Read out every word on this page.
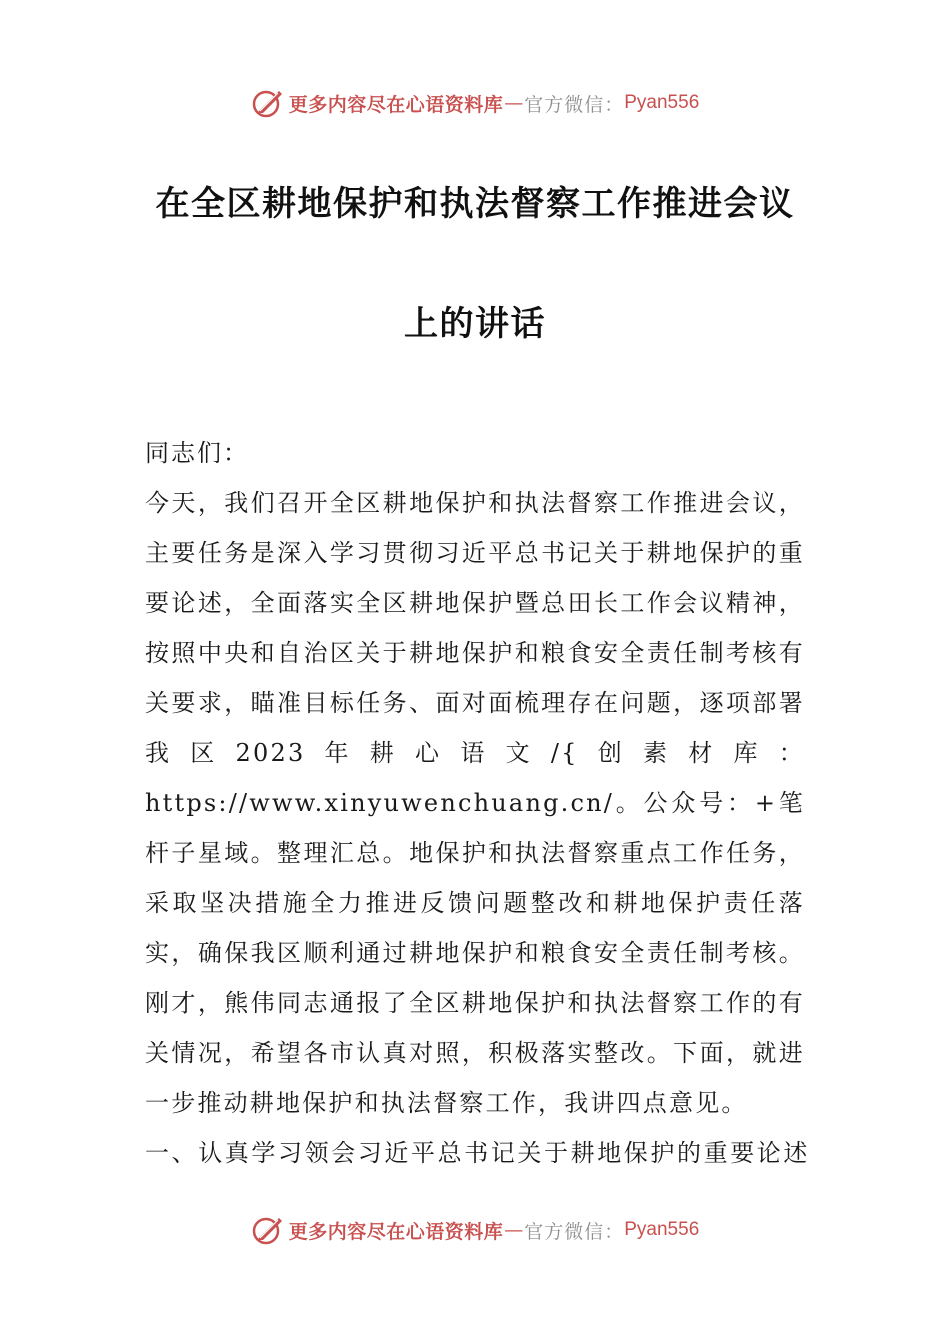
更多内容尽在心语资料库 — 官方微信： Pyan556
在全区耕地保护和执法督察工作推进会议
上的讲话

同志们：

今天，我们召开全区耕地保护和执法督察工作推进会议，主要任务是深入学习贯彻习近平总书记关于耕地保护的重要论述，全面落实全区耕地保护暨总田长工作会议精神，按照中央和自治区关于耕地保护和粮食安全责任制考核有关要求，瞄准目标任务、面对面梳理存在问题，逐项部署我区2023年耕心语文/{创素材库：https://www.xinyuwenchuang.cn/。公众号：+笔杆子星域。整理汇总。地保护和执法督察重点工作任务，采取坚决措施全力推进反馈问题整改和耕地保护责任落实，确保我区顺利通过耕地保护和粮食安全责任制考核。刚才，熊伟同志通报了全区耕地保护和执法督察工作的有关情况，希望各市认真对照，积极落实整改。下面，就进一步推动耕地保护和执法督察工作，我讲四点意见。

一、认真学习领会习近平总书记关于耕地保护的重要论述

更多内容尽在心语资料库 — 官方微信： Pyan556
